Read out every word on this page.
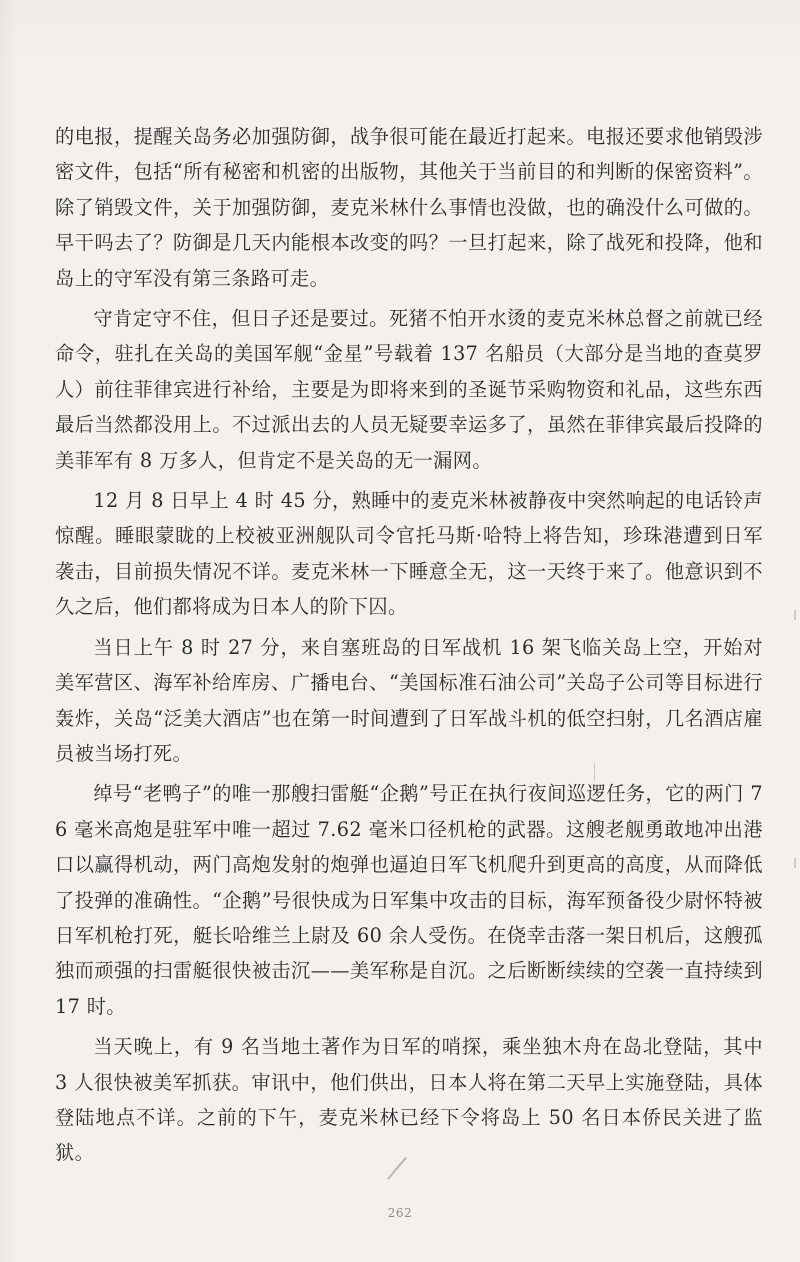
的电报，提醒关岛务必加强防御，战争很可能在最近打起来。电报还要求他销毁涉密文件，包括“所有秘密和机密的出版物，其他关于当前目的和判断的保密资料”。除了销毁文件，关于加强防御，麦克米林什么事情也没做，也的确没什么可做的。早干吗去了？防御是几天内能根本改变的吗？一旦打起来，除了战死和投降，他和岛上的守军没有第三条路可走。

守肯定守不住，但日子还是要过。死猪不怕开水烫的麦克米林总督之前就已经命令，驻扎在关岛的美国军舰“金星”号载着 137 名船员（大部分是当地的查莫罗人）前往菲律宾进行补给，主要是为即将来到的圣诞节采购物资和礼品，这些东西最后当然都没用上。不过派出去的人员无疑要幸运多了，虽然在菲律宾最后投降的美菲军有 8 万多人，但肯定不是关岛的无一漏网。

12 月 8 日早上 4 时 45 分，熟睡中的麦克米林被静夜中突然响起的电话铃声惊醒。睡眼蒙眬的上校被亚洲舰队司令官托马斯·哈特上将告知，珍珠港遭到日军袭击，目前损失情况不详。麦克米林一下睡意全无，这一天终于来了。他意识到不久之后，他们都将成为日本人的阶下囚。

当日上午 8 时 27 分，来自塞班岛的日军战机 16 架飞临关岛上空，开始对美军营区、海军补给库房、广播电台、“美国标准石油公司”关岛子公司等目标进行轰炸，关岛“泛美大酒店”也在第一时间遭到了日军战斗机的低空扫射，几名酒店雇员被当场打死。

绰号“老鸭子”的唯一那艘扫雷艇“企鹅”号正在执行夜间巡逻任务，它的两门 76 毫米高炮是驻军中唯一超过 7.62 毫米口径机枪的武器。这艘老舰勇敢地冲出港口以赢得机动，两门高炮发射的炮弹也逼迫日军飞机爬升到更高的高度，从而降低了投弹的准确性。“企鹅”号很快成为日军集中攻击的目标，海军预备役少尉怀特被日军机枪打死，艇长哈维兰上尉及 60 余人受伤。在侥幸击落一架日机后，这艘孤独而顽强的扫雷艇很快被击沉——美军称是自沉。之后断断续续的空袭一直持续到 17 时。

当天晚上，有 9 名当地土著作为日军的哨探，乘坐独木舟在岛北登陆，其中 3 人很快被美军抓获。审讯中，他们供出，日本人将在第二天早上实施登陆，具体登陆地点不详。之前的下午，麦克米林已经下令将岛上 50 名日本侨民关进了监狱。

262
